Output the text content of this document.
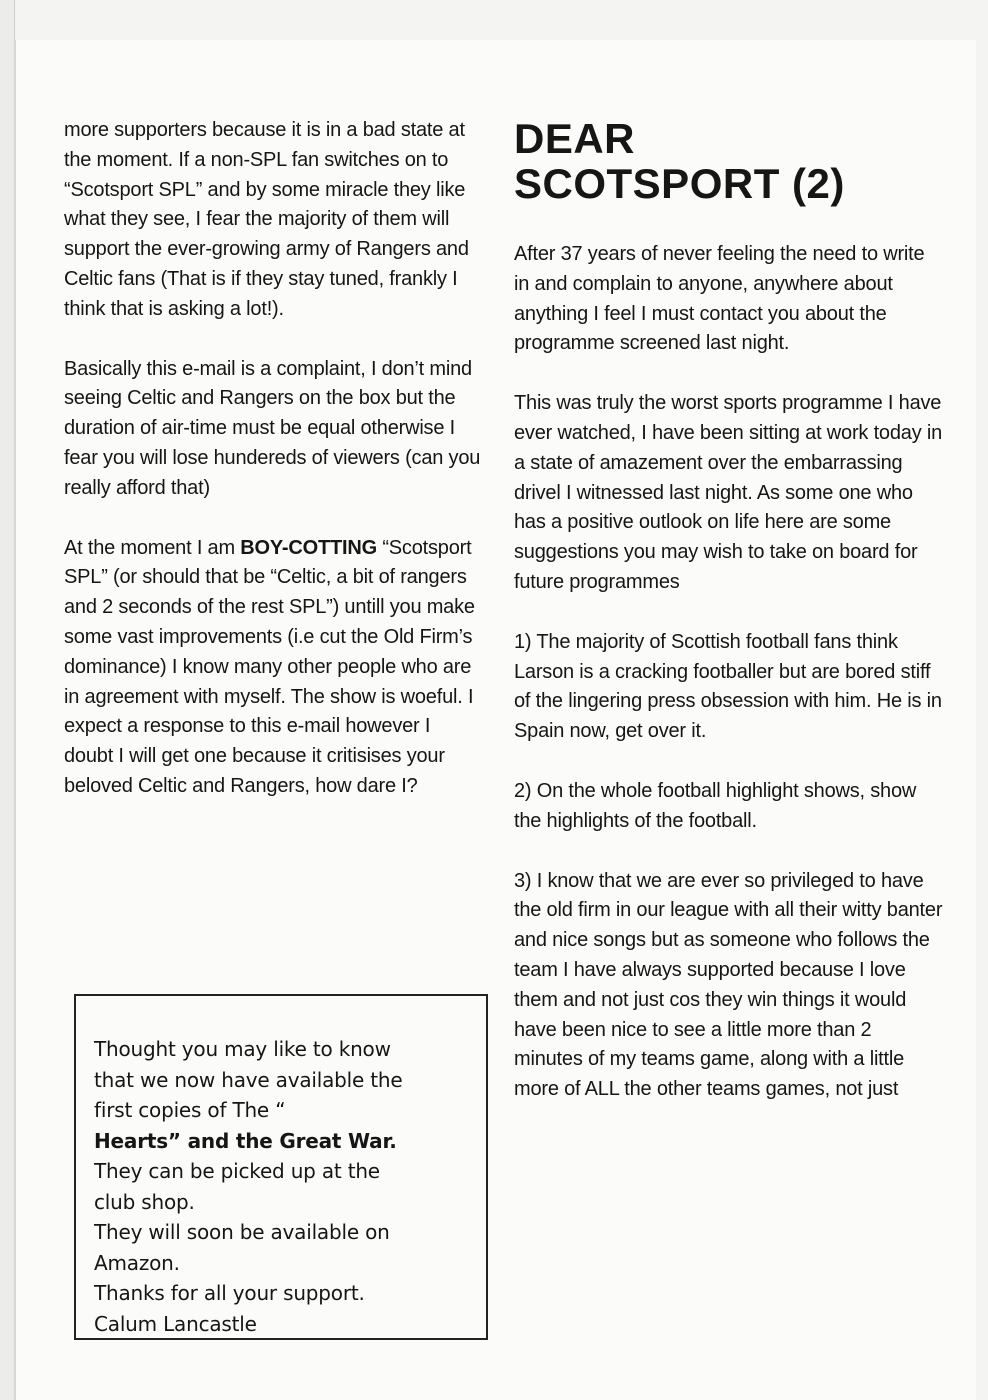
more supporters because it is in a bad state at the moment. If a non-SPL fan switches on to “Scotsport SPL” and by some miracle they like what they see, I fear the majority of them will support the ever-growing army of Rangers and Celtic fans (That is if they stay tuned, frankly I think that is asking a lot!).

Basically this e-mail is a complaint, I don’t mind seeing Celtic and Rangers on the box but the duration of air-time must be equal otherwise I fear you will lose hundereds of viewers (can you really afford that)

At the moment I am BOY-COTTING “Scotsport SPL” (or should that be “Celtic, a bit of rangers and 2 seconds of the rest SPL”) untill you make some vast improvements (i.e cut the Old Firm’s dominance) I know many other people who are in agreement with myself. The show is woeful. I expect a response to this e-mail however I doubt I will get one because it critisises your beloved Celtic and Rangers, how dare I?

Thought you may like to know
that we now have available the
first copies of The “
Hearts” and the Great War.
They can be picked up at the
club shop.
They will soon be available on
Amazon.
Thanks for all your support.
Calum Lancastle
DEAR
SCOTSPORT (2)

After 37 years of never feeling the need to write in and complain to anyone, anywhere about anything I feel I must contact you about the programme screened last night.

This was truly the worst sports programme I have ever watched, I have been sitting at work today in a state of amazement over the embarrassing drivel I witnessed last night. As some one who has a positive outlook on life here are some suggestions you may wish to take on board for future programmes

1) The majority of Scottish football fans think Larson is a cracking footballer but are bored stiff of the lingering press obsession with him. He is in Spain now, get over it.

2) On the whole football highlight shows, show the highlights of the football.

3) I know that we are ever so privileged to have the old firm in our league with all their witty banter and nice songs but as someone who follows the team I have always supported because I love them and not just cos they win things it would have been nice to see a little more than 2 minutes of my teams game, along with a little more of ALL the other teams games, not just
